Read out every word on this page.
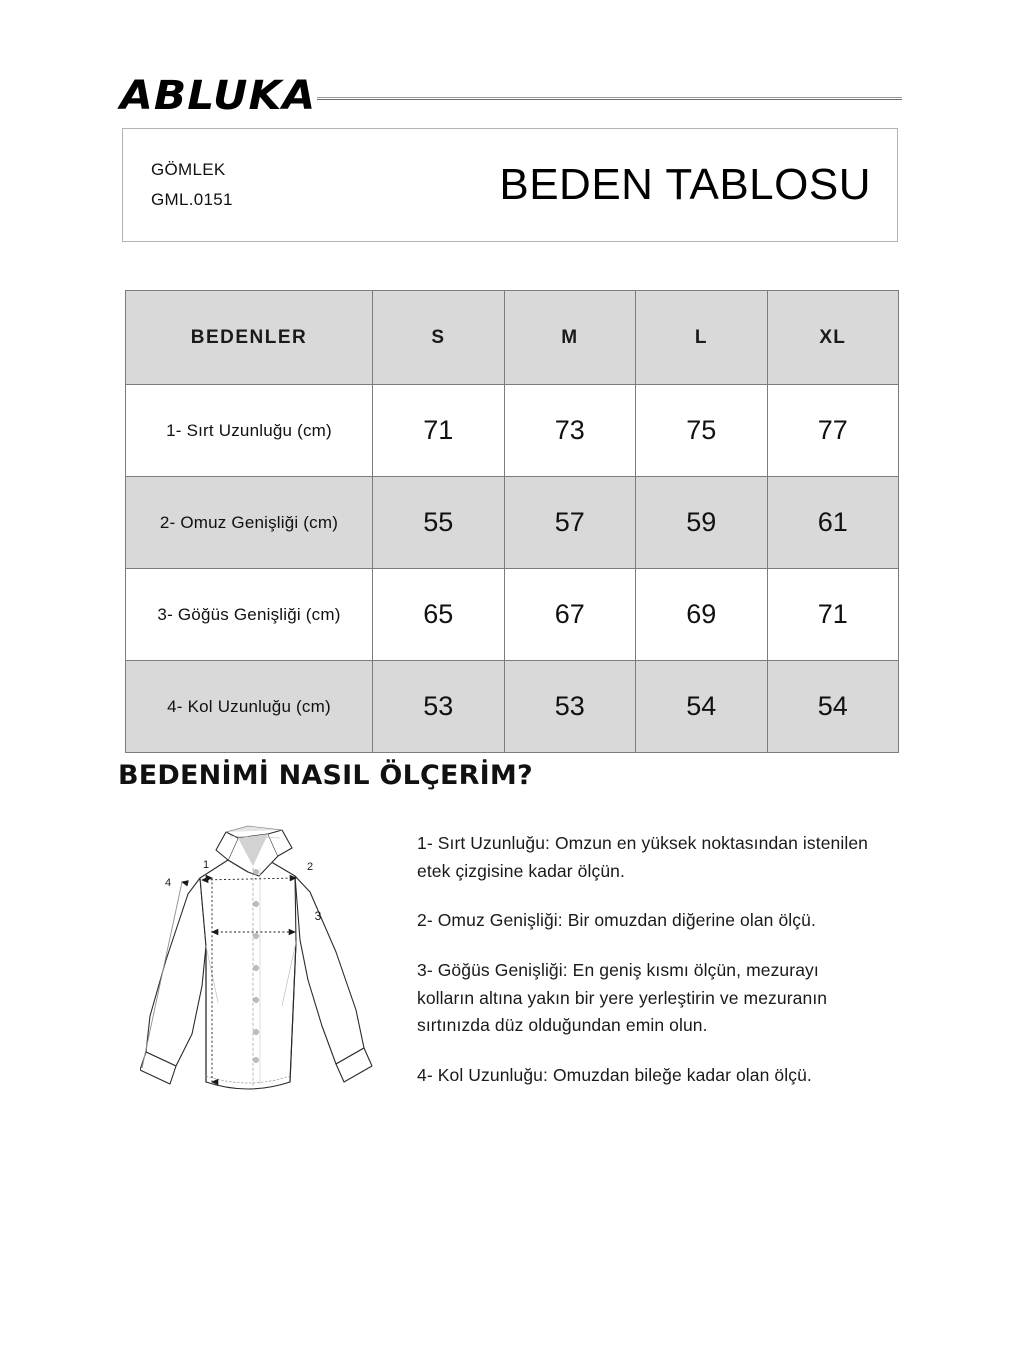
ABLUKA
GÖMLEK
GML.0151	BEDEN TABLOSU
BEDENLER	S	M	L	XL
1- Sırt Uzunluğu (cm)	71	73	75	77
2- Omuz Genişliği (cm)	55	57	59	61
3- Göğüs Genişliği (cm)	65	67	69	71
4- Kol Uzunluğu (cm)	53	53	54	54
BEDENİMİ NASIL ÖLÇERİM?
1	2
3
4

1- Sırt Uzunluğu: Omzun en yüksek noktasından istenilen etek çizgisine kadar ölçün.

2- Omuz Genişliği: Bir omuzdan diğerine olan ölçü.

3- Göğüs Genişliği: En geniş kısmı ölçün, mezurayı kolların altına yakın bir yere yerleştirin ve mezuranın sırtınızda düz olduğundan emin olun.

4- Kol Uzunluğu: Omuzdan bileğe kadar olan ölçü.
